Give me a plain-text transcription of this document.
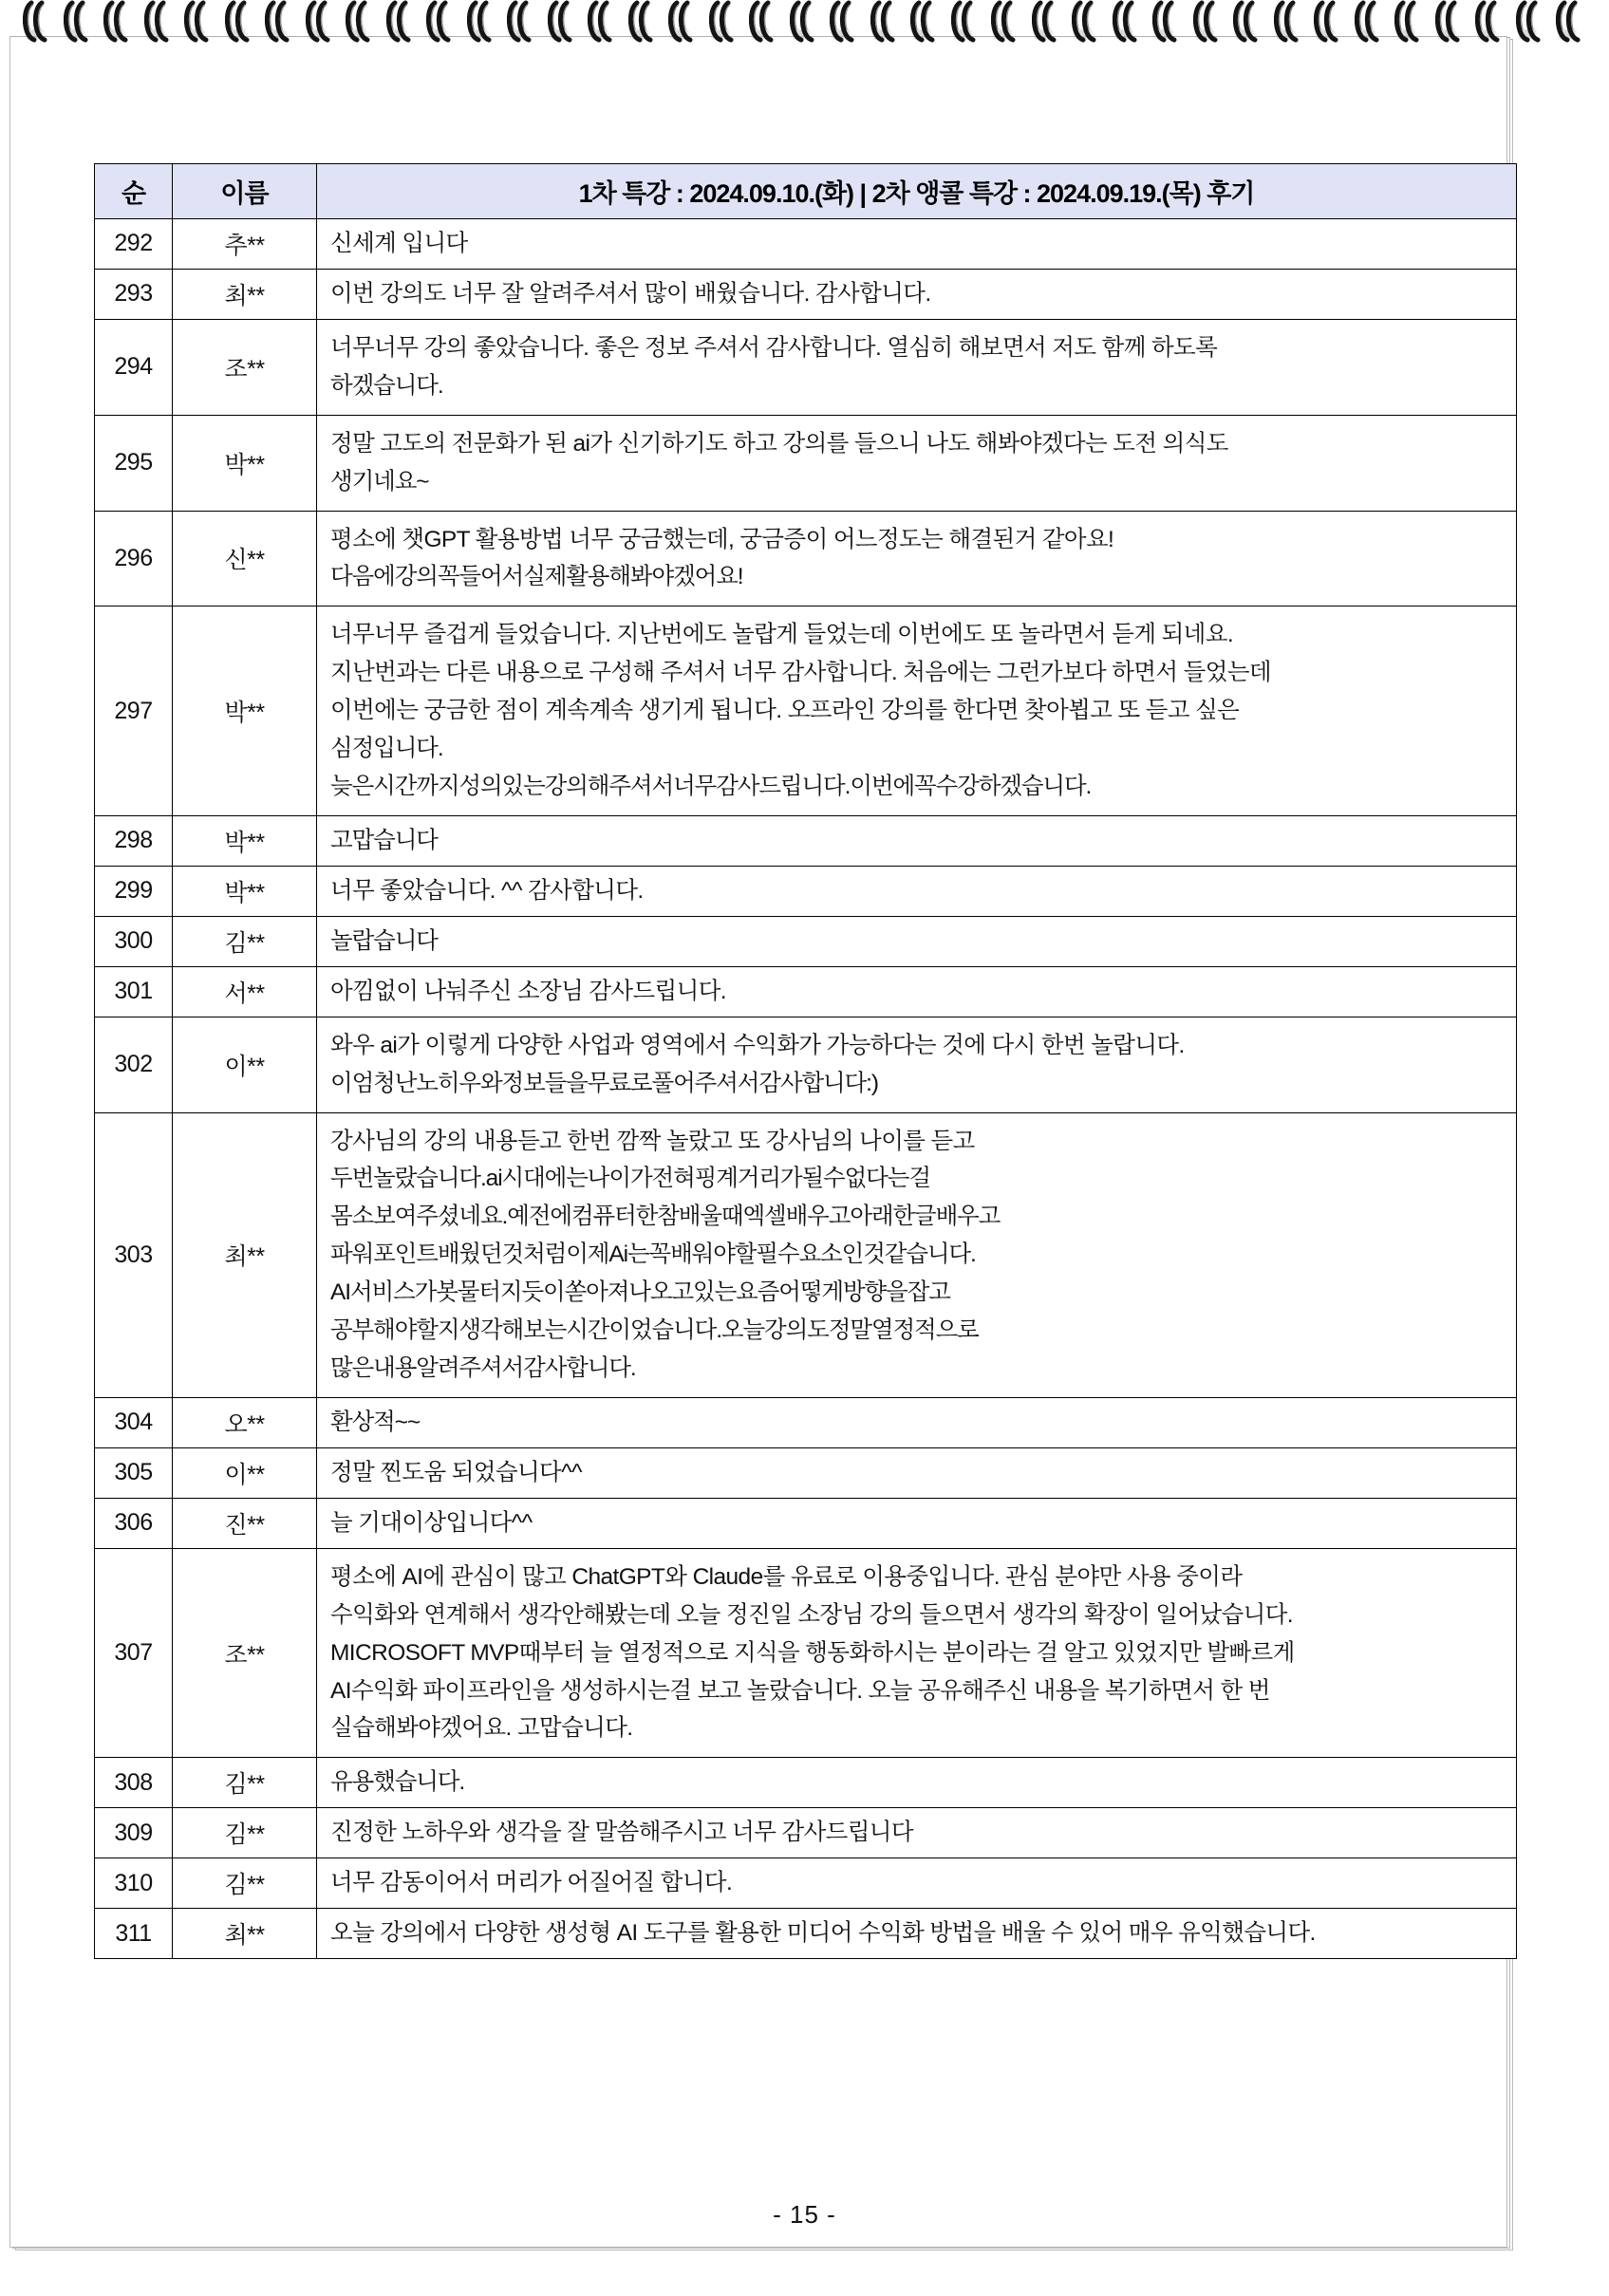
순	이름	1차 특강 : 2024.09.10.(화) | 2차 앵콜 특강 : 2024.09.19.(목) 후기
292	추**	신세계 입니다

293	최**	이번 강의도 너무 잘 알려주셔서 많이 배웠습니다. 감사합니다.

294	조**	너무너무 강의 좋았습니다. 좋은 정보 주셔서 감사합니다. 열심히 해보면서 저도 함께 하도록
하겠습니다.

295	박**	정말 고도의 전문화가 된 ai가 신기하기도 하고 강의를 들으니 나도 해봐야겠다는 도전 의식도
생기네요~

296	신**	평소에 챗GPT 활용방법 너무 궁금했는데, 궁금증이 어느정도는 해결된거 같아요!
다음에강의꼭들어서실제활용해봐야겠어요!

297	박**	너무너무 즐겁게 들었습니다. 지난번에도 놀랍게 들었는데 이번에도 또 놀라면서 듣게 되네요.
지난번과는 다른 내용으로 구성해 주셔서 너무 감사합니다. 처음에는 그런가보다 하면서 들었는데
이번에는 궁금한 점이 계속계속 생기게 됩니다. 오프라인 강의를 한다면 찾아뵙고 또 듣고 싶은
심정입니다.
늦은시간까지성의있는강의해주셔서너무감사드립니다.이번에꼭수강하겠습니다.

298	박**	고맙습니다

299	박**	너무 좋았습니다. ^^ 감사합니다.

300	김**	놀랍습니다

301	서**	아낌없이 나눠주신 소장님 감사드립니다.

302	이**	와우 ai가 이렇게 다양한 사업과 영역에서 수익화가 가능하다는 것에 다시 한번 놀랍니다.
이엄청난노히우와정보들을무료로풀어주셔서감사합니다:)

303	최**	
강사님의 강의 내용듣고 한번 깜짝 놀랐고 또 강사님의 나이를 듣고
두번놀랐습니다.ai시대에는나이가전혀핑계거리가될수없다는걸
몸소보여주셨네요.예전에컴퓨터한참배울때엑셀배우고아래한글배우고
파워포인트배웠던것처럼이제Ai는꼭배워야할필수요소인것같습니다.
AI서비스가봇물터지듯이쏟아져나오고있는요즘어떻게방향을잡고
공부해야할지생각해보는시간이었습니다.오늘강의도정말열정적으로
많은내용알려주셔서감사합니다.

304	오**	환상적~~

305	이**	정말 찐도움 되었습니다^^

306	진**	늘 기대이상입니다^^

307	조**	평소에 AI에 관심이 많고 ChatGPT와 Claude를 유료로 이용중입니다. 관심 분야만 사용 중이라
수익화와 연계해서 생각안해봤는데 오늘 정진일 소장님 강의 들으면서 생각의 확장이 일어났습니다.
MICROSOFT MVP때부터 늘 열정적으로 지식을 행동화하시는 분이라는 걸 알고 있었지만 발빠르게
AI수익화 파이프라인을 생성하시는걸 보고 놀랐습니다. 오늘 공유해주신 내용을 복기하면서 한 번
실습해봐야겠어요. 고맙습니다.

308	김**	유용했습니다.

309	김**	진정한 노하우와 생각을 잘 말씀해주시고 너무 감사드립니다

310	김**	너무 감동이어서 머리가 어질어질 합니다.

311	최**	오늘 강의에서 다양한 생성형 AI 도구를 활용한 미디어 수익화 방법을 배울 수 있어 매우 유익했습니다.
- 15 -
